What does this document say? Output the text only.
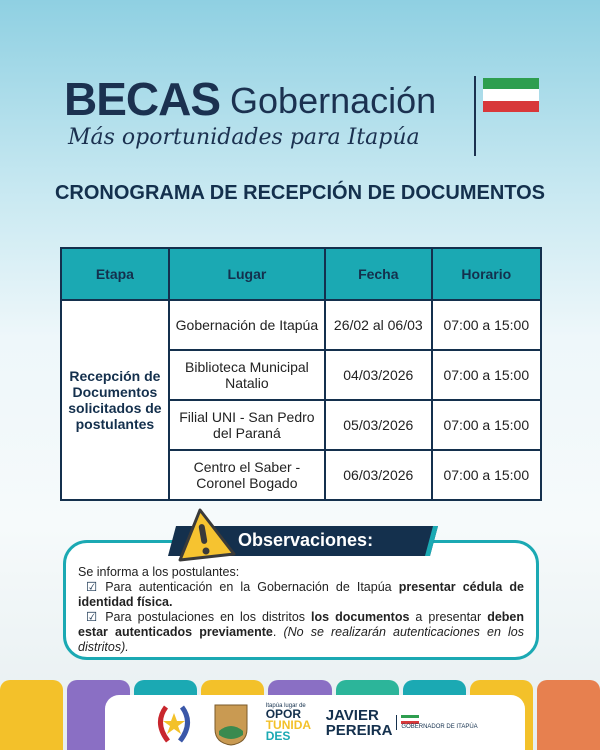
BECAS Gobernación
Más oportunidades para Itapúa
CRONOGRAMA DE RECEPCIÓN DE DOCUMENTOS
Etapa	Lugar	Fecha	Horario
Recepción de Documentos solicitados de postulantes	Gobernación de Itapúa	26/02 al 06/03	07:00 a 15:00
	Biblioteca Municipal Natalio	04/03/2026	07:00 a 15:00
	Filial UNI - San Pedro del Paraná	05/03/2026	07:00 a 15:00
	Centro el Saber - Coronel Bogado	06/03/2026	07:00 a 15:00
Se informa a los postulantes:
☑ Para autenticación en la Gobernación de Itapúa presentar cédula de identidad física.
☑ Para postulaciones en los distritos los documentos a presentar deben estar autenticados previamente. (No se realizarán autenticaciones en los distritos).
Observaciones:
Itapúa lugar de
OPOR
TUNIDA
DES
JAVIER
PEREIRA GOBERNADOR DE ITAPÚA
